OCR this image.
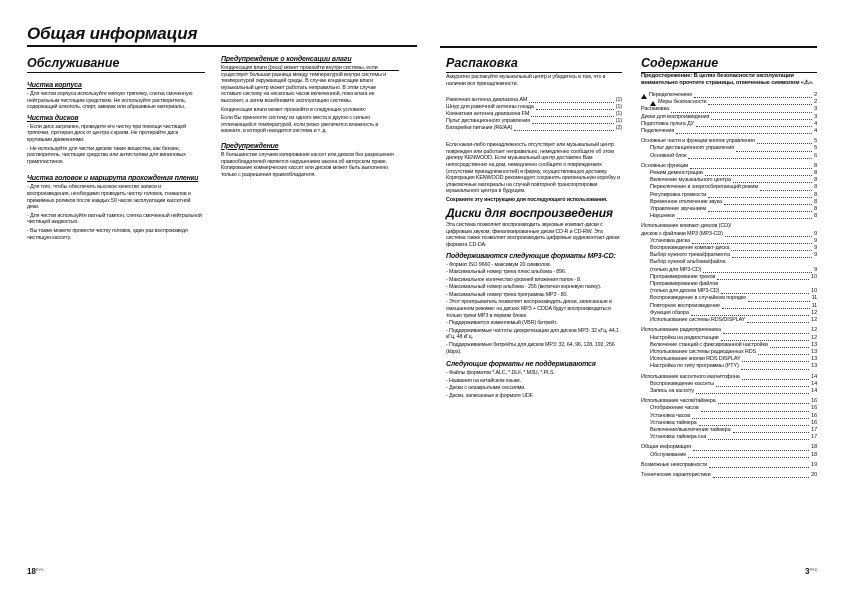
Общая информация
Обслуживание
Чистка корпуса

- Для чистки корпуса используйте мягкую тряпочку, слегка смоченную нейтральным чистящим средством. Не используйте растворитель, содержащий алкоголь, спирт, аммиак или абразивные материалы.

Чистка дисков

- Если диск загрязнен, проведите его чистку при помощи чистящей тряпочки, протирая диск от центра к краям. Не протирайте диск круговыми движениями.

- Не используйте для чистки дисков такие вещества, как бензин, растворитель, чистящие средства или антистатики для виниловых грампластинок.

Чистка головок и маршрута прохождения пленки

- Для того, чтобы обеспечить высокое качество записи и воспроизведения, необходимо проводить чистку головок, тонвалов и прижимных роликов после каждых 50 часов эксплуатации кассетной деки.

- Для чистки используйте ватный тампон, слегка смоченный нейтральной чистящей жидкостью.

- Вы также можете провести чистку головок, один раз воспроизведя чистящую кассету.

Предупреждение о конденсации влаги

Конденсация влаги (роса) может произойти внутри системы, если существует большая разница между температурой внутри системы и температурой окружающей среды. В случае конденсации влаги музыкальный центр может работать неправильно. В этом случае оставьте систему на несколько часов включенной, пока влага не высохнет, а затем возобновите эксплуатацию системы.

Конденсация влаги может произойти в следующих условиях:

Если Вы принесете систему из одного места в другое с сильно отличающейся температурой, если резко увеличится влажность в комнате, в которой находится система и т. д.

Предупреждение

В большинстве случаев копирование кассет или дисков без разрешения правообладателей является нарушением закона об авторском праве. Копирование коммерческих кассет или дисков может быть выполнено только с разрешения правообладателя.

$18^{РУС}$
Распаковка

Аккуратно распакуйте музыкальный центр и убедитесь в том, что в наличии все принадлежности.

Рамочная антенна диапазона AM	(1)
Шнур для рамочной антенны гнезда	(1)
Комнатная антенна диапазона FM	(1)
Пульт дистанционного управления	(1)
Батарейки питания (R6/AA)	(2)

Если какая-либо принадлежность отсутствует или музыкальный центр поврежден или работает неправильно, немедленно сообщите об этом дилеру KENWOOD. Если музыкальный центр доставлен Вам непосредственно на дом, немедленно сообщите о повреждениях (отсутствии принадлежностей) в фирму, осуществлявшую доставку. Корпорация KENWOOD рекомендует сохранять оригинальную коробку и упаковочные материалы на случай повторной транспортировки музыкального центра в будущем.

Сохраните эту инструкцию для последующего использования.

Диски для воспроизведения

Эта система позволяет воспроизводить звуковые компакт-диски с цифровым звуком, финализированные диски CD-R и CD-RW. Эта система также позволяет воспроизводить цифровые аудиоконтакт-диски формата CD-DA.

Поддерживаются следующие форматы MP3-CD:

- Формат ISO 9660 - максимум 20 символов.

- Максимальный номер трека плюс альбома - 896.

- Максимальное количество уровней вложения папок - 8.

- Максимальный номер альбома - 256 (включая корневую папку).

- Максимальный номер трека программы MP3 - 80.

- Этот проигрыватель позволяет воспроизводить диски, записанные в смешанном режиме: на дисках MP3 + CDDA будут воспроизводиться только треки MP3 в первом блоке.

- Поддерживается изменяемый (VBR) битрейт.

- Поддерживаемые частоты дискретизации для дисков MP3: 32 кГц, 44,1 кГц, 48 кГц.

- Поддерживаемые битрейты для дисков MP3: 32, 64, 96, 128, 192, 256 (kbps).

Следующие форматы не поддерживаются

- Файлы форматов *.ALC, *.DLF, *.M3U, *.PLS.

- Названия на китайском языке.

- Диски с незакрытыми сессиями.

- Диски, записанные в формате UDF.

Содержание

Предостережение: В целях безопасности эксплуатации внимательно прочтите страницы, отмеченные символом «⚠».

Передключением	2
Меры безопасности	2
Распаковка	3
Диски для воспроизведения	3
Подготовка пульта ДУ	4
Подключения	4
Основные части и функции кнопок управления	5
Пульт дистанционного управления	5
Основной блок	6
Основные функции	8
Режим демонстрации	8
Включение музыкального центра	8
Переключение в энергосберегающий режим	8
Регулировка громкости	8
Временное отключение звука	8
Управление звучанием	8
Наушники	8
Использование компакт-дисков (CD)/
дисков с файлами MP3 (MP3-CD)	9
Установка диска	9
Воспроизведение компакт-диска	9
Выбор нужного трека/фрагмента	9
Выбор нужной альбома/файла
(только для MP3-CD)	9
Программирование треков	10
Программирование файлов
(только для дисков MP3-CD)	10
Воспроизведение в случайном порядке	11
Повторное воспроизведение	11
Функция обзора	12
Использование системы RDS/DISPLAY	12
Использование радиоприемника	12
Настройка на радиостанции	12
Включение станций с фиксированной настройки	13
Использование системы радиоданных RDS	13
Использование кнопки RDS DISPLAY	13
Настройка по типу программы (PTY)	13
Использование кассетного магнитофона	14
Воспроизведение кассеты	14
Запись на кассету	14
Использование часов/таймера	16
Отображение часов	16
Установка часов	16
Установка таймера	16
Включение/выключение таймера	17
Установка таймера сна	17
Общая информация	18
Обслуживание	18
Возможные неисправности	19
Технические характеристики	20
$3^{РУС}$
